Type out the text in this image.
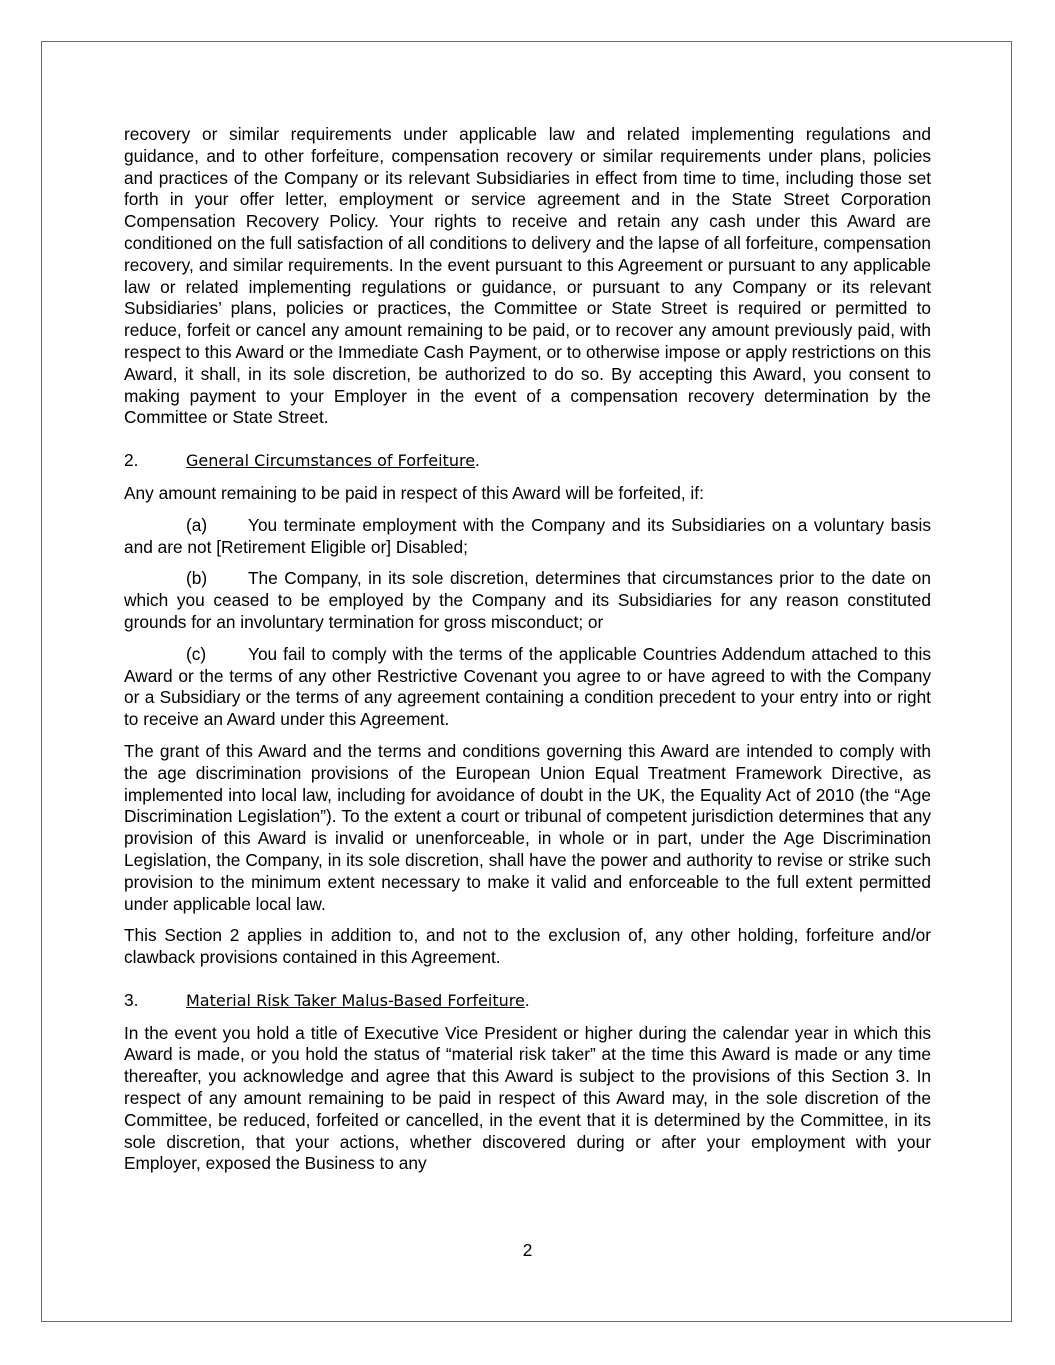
recovery or similar requirements under applicable law and related implementing regulations and guidance, and to other forfeiture, compensation recovery or similar requirements under plans, policies and practices of the Company or its relevant Subsidiaries in effect from time to time, including those set forth in your offer letter, employment or service agreement and in the State Street Corporation Compensation Recovery Policy. Your rights to receive and retain any cash under this Award are conditioned on the full satisfaction of all conditions to delivery and the lapse of all forfeiture, compensation recovery, and similar requirements. In the event pursuant to this Agreement or pursuant to any applicable law or related implementing regulations or guidance, or pursuant to any Company or its relevant Subsidiaries’ plans, policies or practices, the Committee or State Street is required or permitted to reduce, forfeit or cancel any amount remaining to be paid, or to recover any amount previously paid, with respect to this Award or the Immediate Cash Payment, or to otherwise impose or apply restrictions on this Award, it shall, in its sole discretion, be authorized to do so. By accepting this Award, you consent to making payment to your Employer in the event of a compensation recovery determination by the Committee or State Street.

2.	General Circumstances of Forfeiture.

Any amount remaining to be paid in respect of this Award will be forfeited, if:

(a) You terminate employment with the Company and its Subsidiaries on a voluntary basis and are not [Retirement Eligible or] Disabled;

(b) The Company, in its sole discretion, determines that circumstances prior to the date on which you ceased to be employed by the Company and its Subsidiaries for any reason constituted grounds for an involuntary termination for gross misconduct; or

(c) You fail to comply with the terms of the applicable Countries Addendum attached to this Award or the terms of any other Restrictive Covenant you agree to or have agreed to with the Company or a Subsidiary or the terms of any agreement containing a condition precedent to your entry into or right to receive an Award under this Agreement.

The grant of this Award and the terms and conditions governing this Award are intended to comply with the age discrimination provisions of the European Union Equal Treatment Framework Directive, as implemented into local law, including for avoidance of doubt in the UK, the Equality Act of 2010 (the “Age Discrimination Legislation”). To the extent a court or tribunal of competent jurisdiction determines that any provision of this Award is invalid or unenforceable, in whole or in part, under the Age Discrimination Legislation, the Company, in its sole discretion, shall have the power and authority to revise or strike such provision to the minimum extent necessary to make it valid and enforceable to the full extent permitted under applicable local law.

This Section 2 applies in addition to, and not to the exclusion of, any other holding, forfeiture and/or clawback provisions contained in this Agreement.

3.	Material Risk Taker Malus-Based Forfeiture.

In the event you hold a title of Executive Vice President or higher during the calendar year in which this Award is made, or you hold the status of “material risk taker” at the time this Award is made or any time thereafter, you acknowledge and agree that this Award is subject to the provisions of this Section 3. In respect of any amount remaining to be paid in respect of this Award may, in the sole discretion of the Committee, be reduced, forfeited or cancelled, in the event that it is determined by the Committee, in its sole discretion, that your actions, whether discovered during or after your employment with your Employer, exposed the Business to any

2
